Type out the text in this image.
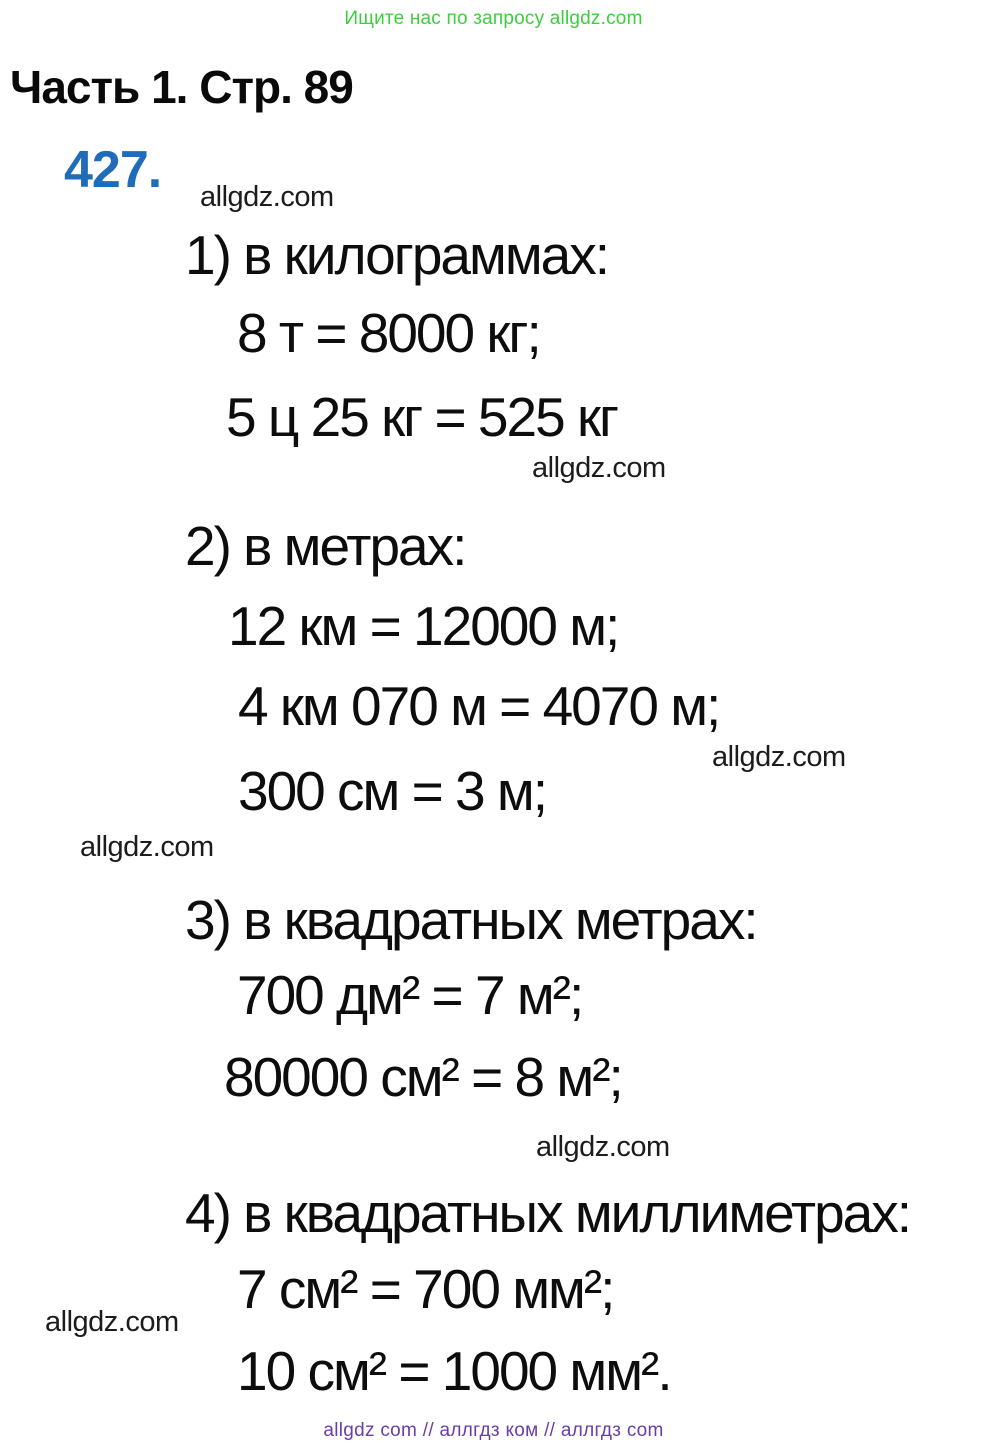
Ищите нас по запросу allgdz.com
Часть 1. Стр. 89
427. allgdz.com
1) в килограммах:
8 т = 8000 кг;
5 ц 25 кг = 525 кг
allgdz.com
2) в метрах:
12 км = 12000 м;
4 км 070 м = 4070 м;
allgdz.com
300 см = 3 м;
allgdz.com
3) в квадратных метрах:
700 дм² = 7 м²;
80000 см² = 8 м²;
allgdz.com
4) в квадратных миллиметрах:
7 см² = 700 мм²;
allgdz.com
10 см² = 1000 мм².
allgdz com // аллгдз ком // аллгдз com
